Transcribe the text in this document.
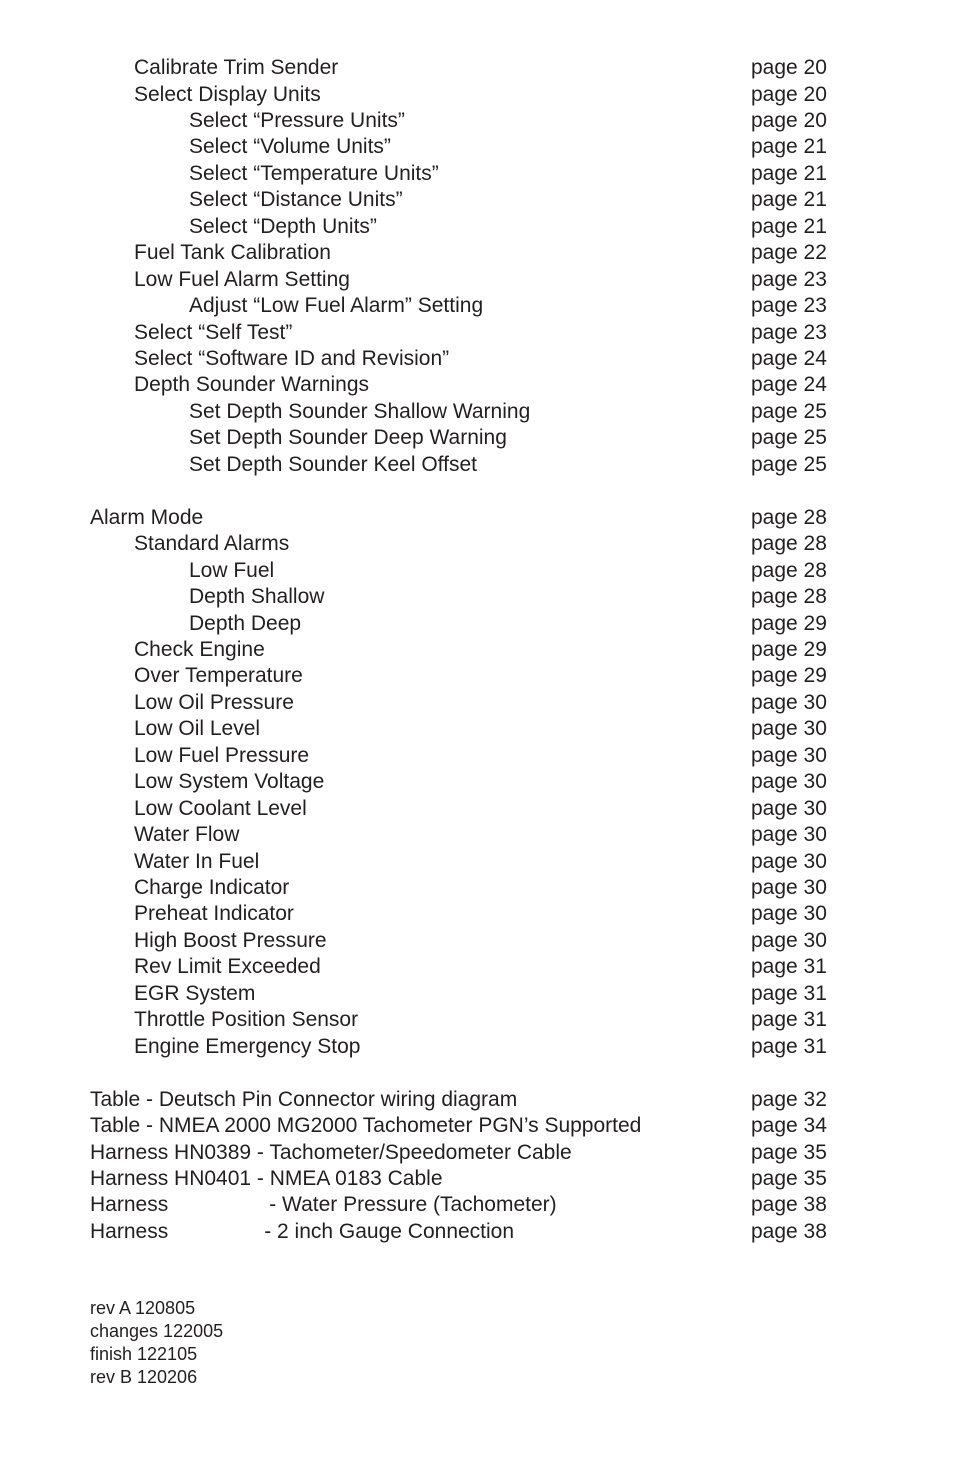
Calibrate Trim Sender	page 20
Select Display Units	page 20
Select “Pressure Units”	page 20
Select “Volume Units”	page 21
Select “Temperature Units”	page 21
Select “Distance Units”	page 21
Select “Depth Units”	page 21
Fuel Tank Calibration	page 22
Low Fuel Alarm Setting	page 23
Adjust “Low Fuel Alarm” Setting	page 23
Select “Self Test”	page 23
Select “Software ID and Revision”	page 24
Depth Sounder Warnings	page 24
Set Depth Sounder Shallow Warning	page 25
Set Depth Sounder Deep Warning	page 25
Set Depth Sounder Keel Offset	page 25
Alarm Mode	page 28
Standard Alarms	page 28
Low Fuel	page 28
Depth Shallow	page 28
Depth Deep	page 29
Check Engine	page 29
Over Temperature	page 29
Low Oil Pressure	page 30
Low Oil Level	page 30
Low Fuel Pressure	page 30
Low System Voltage	page 30
Low Coolant Level	page 30
Water Flow	page 30
Water In Fuel	page 30
Charge Indicator	page 30
Preheat Indicator	page 30
High Boost Pressure	page 30
Rev Limit Exceeded	page 31
EGR System	page 31
Throttle Position Sensor	page 31
Engine Emergency Stop	page 31
Table - Deutsch Pin Connector wiring diagram	page 32
Table - NMEA 2000 MG2000 Tachometer PGN’s Supported	page 34
Harness HN0389 - Tachometer/Speedometer Cable	page 35
Harness HN0401 - NMEA 0183 Cable	page 35
Harness	- Water Pressure (Tachometer)	page 38
Harness	- 2 inch Gauge Connection	page 38
rev A 120805
changes 122005
finish 122105
rev B 120206
